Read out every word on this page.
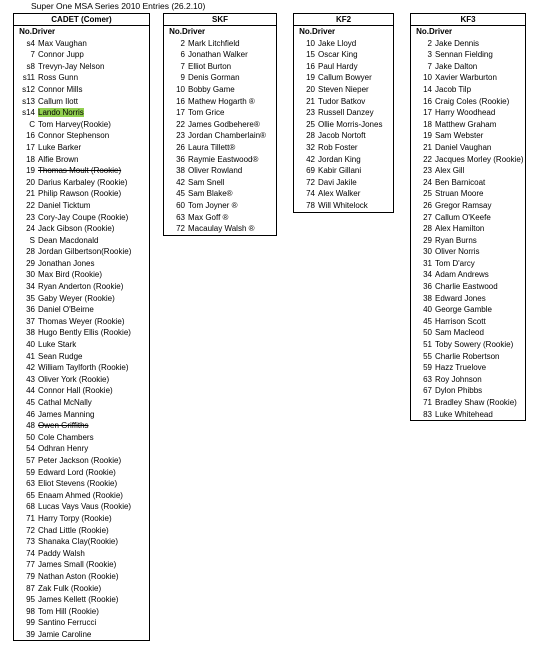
Super One MSA Series 2010 Entries (26.2.10)
CADET (Comer)
No.Driver
s4 Max Vaughan
7 Connor Jupp
s8 Trevyn-Jay Nelson
s11 Ross Gunn
s12 Connor Mills
s13 Callum Ilott
s14 Lando Norris
C Tom Harvey(Rookie)
16 Connor Stephenson
17 Luke Barker
18 Alfie Brown
19 Thomas Moult (Rookie)
20 Darius Karbaley (Rookie)
21 Philip Rawson (Rookie)
22 Daniel Ticktum
23 Cory-Jay Coupe (Rookie)
24 Jack Gibson (Rookie)
S Dean Macdonald
28 Jordan Gilbertson(Rookie)
29 Jonathan Jones
30 Max Bird (Rookie)
34 Ryan Anderton (Rookie)
35 Gaby Weyer (Rookie)
36 Daniel O'Beirne
37 Thomas Weyer (Rookie)
38 Hugo Bently Ellis (Rookie)
40 Luke Stark
41 Sean Rudge
42 William Taylforth (Rookie)
43 Oliver York (Rookie)
44 Connor Hall (Rookie)
45 Cathal McNally
46 James Manning
48 Owen Griffiths
50 Cole Chambers
54 Odhran Henry
57 Peter Jackson (Rookie)
59 Edward Lord (Rookie)
63 Eliot Stevens (Rookie)
65 Enaam Ahmed (Rookie)
68 Lucas Vays Vaus (Rookie)
71 Harry Torpy (Rookie)
72 Chad Little (Rookie)
73 Shanaka Clay(Rookie)
74 Paddy Walsh
77 James Small (Rookie)
79 Nathan Aston (Rookie)
87 Zak Fulk (Rookie)
95 James Kellett (Rookie)
98 Tom Hill (Rookie)
99 Santino Ferrucci
39 Jamie Caroline
SKF
No.Driver
2 Mark Litchfield
6 Jonathan Walker
7 Elliot Burton
9 Denis Gorman
10 Bobby Game
16 Mathew Hogarth ®
17 Tom Grice
22 James Godbehere®
23 Jordan Chamberlain®
26 Laura Tillett®
36 Raymie Eastwood®
38 Oliver Rowland
42 Sam Snell
45 Sam Blake®
60 Tom Joyner ®
63 Max Goff ®
72 Macaulay Walsh ®
KF2
No.Driver
10 Jake Lloyd
15 Oscar King
16 Paul Hardy
19 Callum Bowyer
20 Steven Nieper
21 Tudor Batkov
23 Russell Danzey
25 Ollie Morris-Jones
28 Jacob Nortoft
32 Rob Foster
42 Jordan King
69 Kabir Gillani
72 Davi Jakile
74 Alex Walker
78 Will Whitelock
KF3
No.Driver
2 Jake Dennis
3 Sennan Fielding
7 Jake Dalton
10 Xavier Warburton
14 Jacob Tilp
16 Craig Coles (Rookie)
17 Harry Woodhead
18 Matthew Graham
19 Sam Webster
21 Daniel Vaughan
22 Jacques Morley (Rookie)
23 Alex Gill
24 Ben Barnicoat
25 Struan Moore
26 Gregor Ramsay
27 Callum O'Keefe
28 Alex Hamilton
29 Ryan Burns
30 Oliver Norris
31 Tom D'arcy
34 Adam Andrews
36 Charlie Eastwood
38 Edward Jones
40 George Gamble
45 Harrison Scott
50 Sam Macleod
51 Toby Sowery (Rookie)
55 Charlie Robertson
59 Hazz Truelove
63 Roy Johnson
67 Dylon Phibbs
71 Bradley Shaw (Rookie)
83 Luke Whitehead
